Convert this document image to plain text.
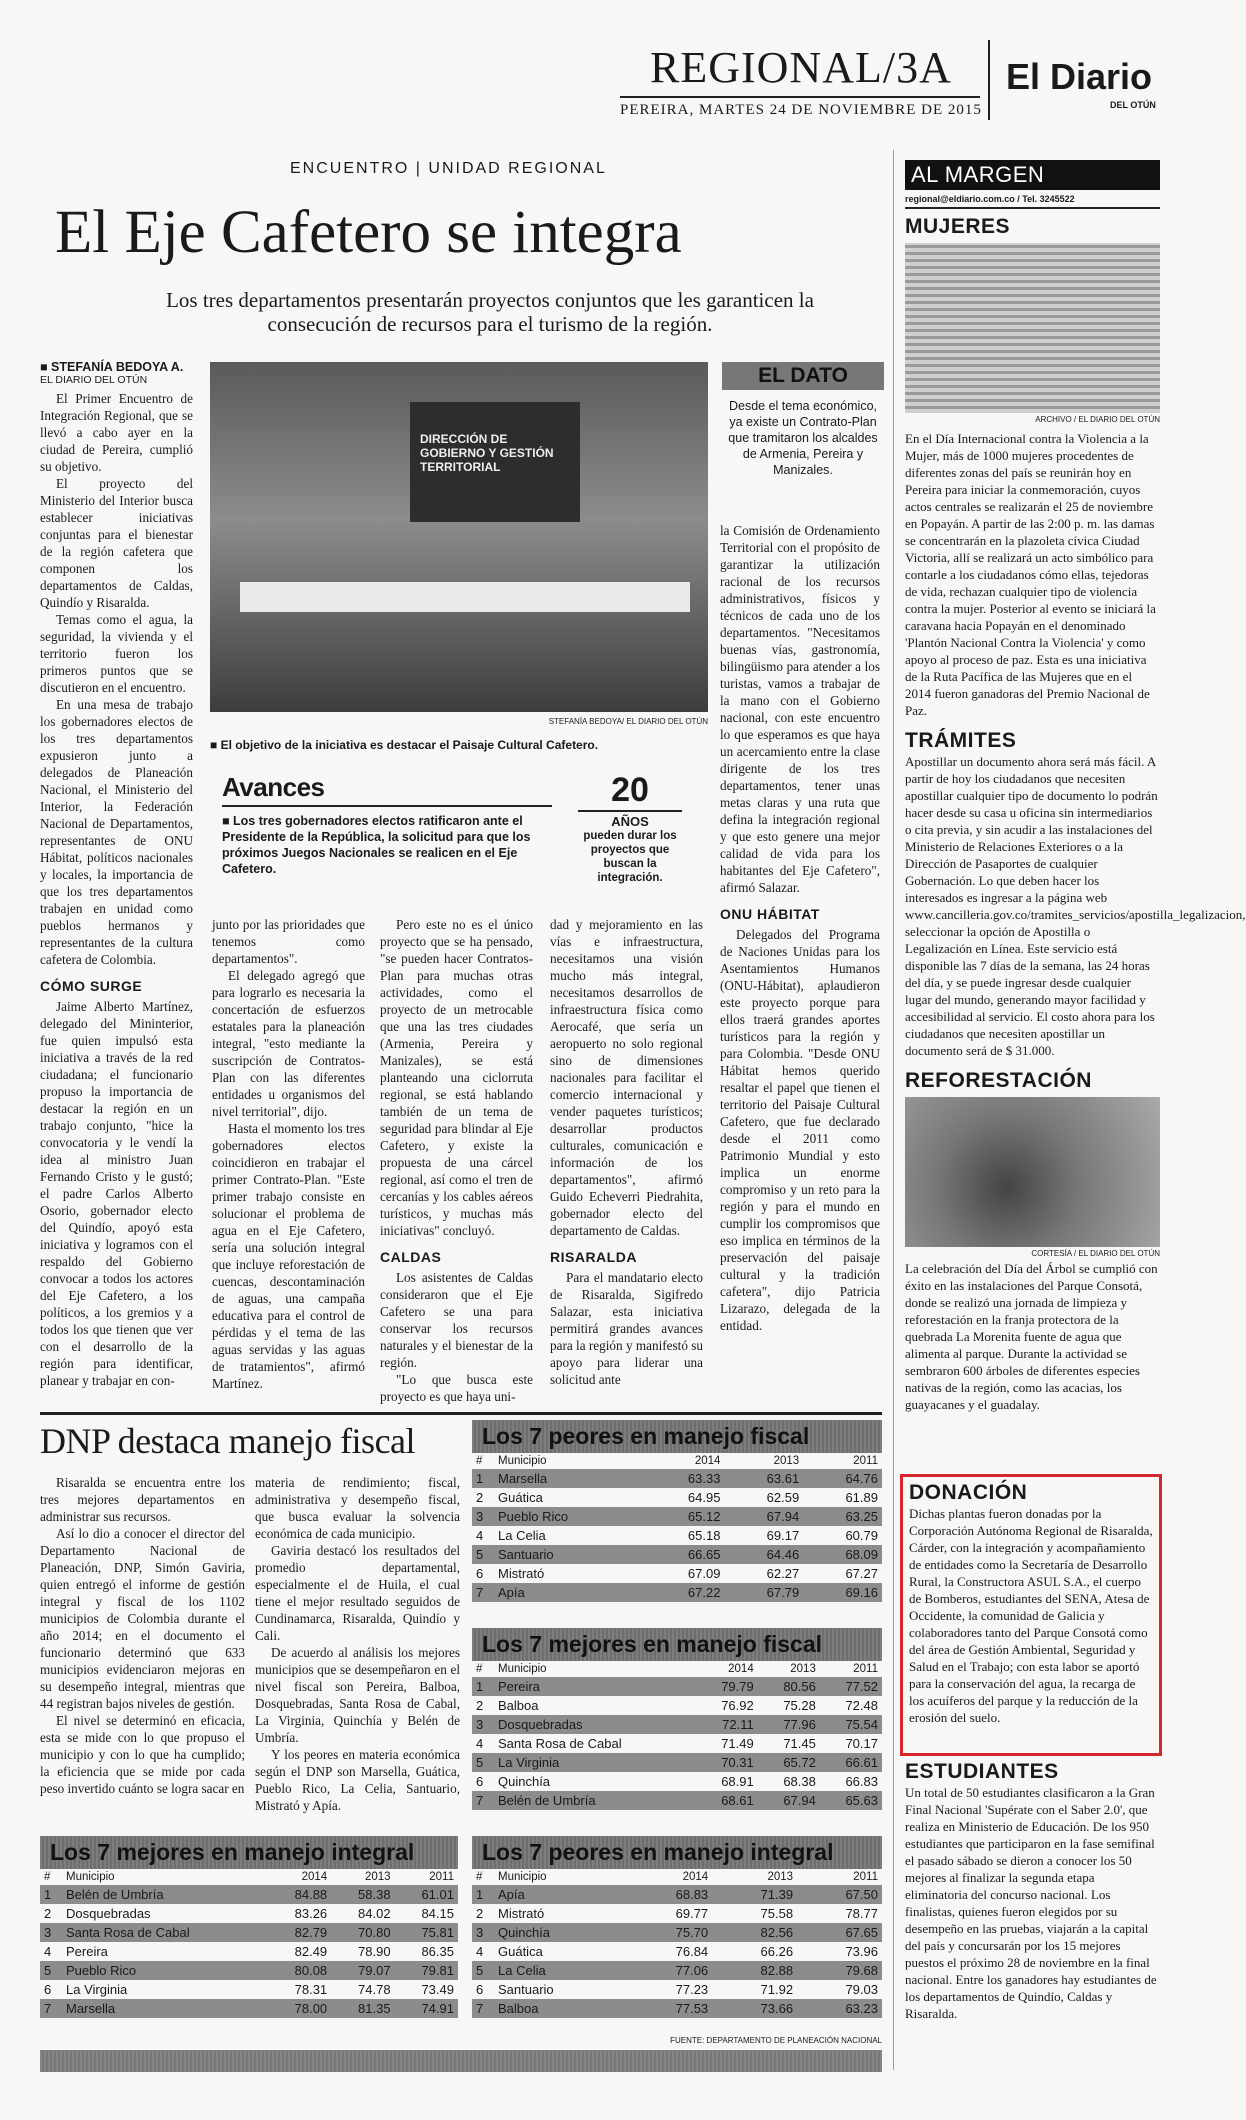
REGIONAL/3A El Diario
DEL OTÚN
PEREIRA, MARTES 24 DE NOVIEMBRE DE 2015
ENCUENTRO | UNIDAD REGIONAL
El Eje Cafetero se integra
Los tres departamentos presentarán proyectos conjuntos que les garanticen la consecución de recursos para el turismo de la región.
■ STEFANÍA BEDOYA A.
EL DIARIO DEL OTÚN

El Primer Encuentro de Integración Regional, que se llevó a cabo ayer en la ciudad de Pereira, cumplió su objetivo.

El proyecto del Ministerio del Interior busca establecer iniciativas conjuntas para el bienestar de la región cafetera que componen los departamentos de Caldas, Quindío y Risaralda.

Temas como el agua, la seguridad, la vivienda y el territorio fueron los primeros puntos que se discutieron en el encuentro.

En una mesa de trabajo los gobernadores electos de los tres departamentos expusieron junto a delegados de Planeación Nacional, el Ministerio del Interior, la Federación Nacional de Departamentos, representantes de ONU Hábitat, políticos nacionales y locales, la importancia de que los tres departamentos trabajen en unidad como pueblos hermanos y representantes de la cultura cafetera de Colombia.

CÓMO SURGE

Jaime Alberto Martínez, delegado del Mininterior, fue quien impulsó esta iniciativa a través de la red ciudadana; el funcionario propuso la importancia de destacar la región en un trabajo conjunto, "hice la convocatoria y le vendí la idea al ministro Juan Fernando Cristo y le gustó; el padre Carlos Alberto Osorio, gobernador electo del Quindío, apoyó esta iniciativa y logramos con el respaldo del Gobierno convocar a todos los actores del Eje Cafetero, a los políticos, a los gremios y a todos los que tienen que ver con el desarrollo de la región para identificar, planear y trabajar en con-

DIRECCIÓN DE GOBIERNO Y GESTIÓN TERRITORIAL
STEFANÍA BEDOYA/ EL DIARIO DEL OTÚN
■ El objetivo de la iniciativa es destacar el Paisaje Cultural Cafetero.
EL DATO
Desde el tema económico, ya existe un Contrato-Plan que tramitaron los alcaldes de Armenia, Pereira y Manizales.
Avances
■ Los tres gobernadores electos ratificaron ante el Presidente de la República, la solicitud para que los próximos Juegos Nacionales se realicen en el Eje Cafetero.
20
AÑOS
pueden durar los proyectos que buscan la integración.

junto por las prioridades que tenemos como departamentos".

El delegado agregó que para lograrlo es necesaria la concertación de esfuerzos estatales para la planeación integral, "esto mediante la suscripción de Contratos-Plan con las diferentes entidades u organismos del nivel territorial", dijo.

Hasta el momento los tres gobernadores electos coincidieron en trabajar el primer Contrato-Plan. "Este primer trabajo consiste en solucionar el problema de agua en el Eje Cafetero, sería una solución integral que incluye reforestación de cuencas, descontaminación de aguas, una campaña educativa para el control de pérdidas y el tema de las aguas servidas y las aguas de tratamientos", afirmó Martínez.

Pero este no es el único proyecto que se ha pensado, "se pueden hacer Contratos-Plan para muchas otras actividades, como el proyecto de un metrocable que una las tres ciudades (Armenia, Pereira y Manizales), se está planteando una ciclorruta regional, se está hablando también de un tema de seguridad para blindar al Eje Cafetero, y existe la propuesta de una cárcel regional, así como el tren de cercanías y los cables aéreos turísticos, y muchas más iniciativas" concluyó.

CALDAS

Los asistentes de Caldas consideraron que el Eje Cafetero se una para conservar los recursos naturales y el bienestar de la región.

"Lo que busca este proyecto es que haya uni-

dad y mejoramiento en las vías e infraestructura, necesitamos una visión mucho más integral, necesitamos desarrollos de infraestructura física como Aerocafé, que sería un aeropuerto no solo regional sino de dimensiones nacionales para facilitar el comercio internacional y vender paquetes turísticos; desarrollar productos culturales, comunicación e información de los departamentos", afirmó Guido Echeverri Piedrahita, gobernador electo del departamento de Caldas.

RISARALDA

Para el mandatario electo de Risaralda, Sigifredo Salazar, esta iniciativa permitirá grandes avances para la región y manifestó su apoyo para liderar una solicitud ante

la Comisión de Ordenamiento Territorial con el propósito de garantizar la utilización racional de los recursos administrativos, físicos y técnicos de cada uno de los departamentos. "Necesitamos buenas vías, gastronomía, bilingüismo para atender a los turistas, vamos a trabajar de la mano con el Gobierno nacional, con este encuentro lo que esperamos es que haya un acercamiento entre la clase dirigente de los tres departamentos, tener unas metas claras y una ruta que defina la integración regional y que esto genere una mejor calidad de vida para los habitantes del Eje Cafetero", afirmó Salazar.

ONU HÁBITAT

Delegados del Programa de Naciones Unidas para los Asentamientos Humanos (ONU-Hábitat), aplaudieron este proyecto porque para ellos traerá grandes aportes turísticos para la región y para Colombia. "Desde ONU Hábitat hemos querido resaltar el papel que tienen el territorio del Paisaje Cultural Cafetero, que fue declarado desde el 2011 como Patrimonio Mundial y esto implica un enorme compromiso y un reto para la región y para el mundo en cumplir los compromisos que eso implica en términos de la preservación del paisaje cultural y la tradición cafetera", dijo Patricia Lizarazo, delegada de la entidad.

DNP destaca manejo fiscal

Risaralda se encuentra entre los tres mejores departamentos en administrar sus recursos.

Así lo dio a conocer el director del Departamento Nacional de Planeación, DNP, Simón Gaviria, quien entregó el informe de gestión integral y fiscal de los 1102 municipios de Colombia durante el año 2014; en el documento el funcionario determinó que 633 municipios evidenciaron mejoras en su desempeño integral, mientras que 44 registran bajos niveles de gestión.

El nivel se determinó en eficacia, esta se mide con lo que propuso el municipio y con lo que ha cumplido; la eficiencia que se mide por cada peso invertido cuánto se logra sacar en

materia de rendimiento; fiscal, administrativa y desempeño fiscal, que busca evaluar la solvencia económica de cada municipio.

Gaviria destacó los resultados del promedio departamental, especialmente el de Huila, el cual tiene el mejor resultado seguidos de Cundinamarca, Risaralda, Quindío y Cali.

De acuerdo al análisis los mejores municipios que se desempeñaron en el nivel fiscal son Pereira, Balboa, Dosquebradas, Santa Rosa de Cabal, La Virginia, Quinchía y Belén de Umbría.

Y los peores en materia económica según el DNP son Marsella, Guática, Pueblo Rico, La Celia, Santuario, Mistrató y Apía.

Los 7 peores en manejo fiscal
#	Municipio	2014	2013	2011
1	Marsella	63.33	63.61	64.76
2	Guática	64.95	62.59	61.89
3	Pueblo Rico	65.12	67.94	63.25
4	La Celia	65.18	69.17	60.79
5	Santuario	66.65	64.46	68.09
6	Mistrató	67.09	62.27	67.27
7	Apía	67.22	67.79	69.16
Los 7 mejores en manejo fiscal
#	Municipio	2014	2013	2011
1	Pereira	79.79	80.56	77.52
2	Balboa	76.92	75.28	72.48
3	Dosquebradas	72.11	77.96	75.54
4	Santa Rosa de Cabal	71.49	71.45	70.17
5	La Virginia	70.31	65.72	66.61
6	Quinchía	68.91	68.38	66.83
7	Belén de Umbría	68.61	67.94	65.63
Los 7 mejores en manejo integral
#	Municipio	2014	2013	2011
1	Belén de Umbría	84.88	58.38	61.01
2	Dosquebradas	83.26	84.02	84.15
3	Santa Rosa de Cabal	82.79	70.80	75.81
4	Pereira	82.49	78.90	86.35
5	Pueblo Rico	80.08	79.07	79.81
6	La Virginia	78.31	74.78	73.49
7	Marsella	78.00	81.35	74.91
Los 7 peores en manejo integral
#	Municipio	2014	2013	2011
1	Apía	68.83	71.39	67.50
2	Mistrató	69.77	75.58	78.77
3	Quinchía	75.70	82.56	67.65
4	Guática	76.84	66.26	73.96
5	La Celia	77.06	82.88	79.68
6	Santuario	77.23	71.92	79.03
7	Balboa	77.53	73.66	63.23
FUENTE: DEPARTAMENTO DE PLANEACIÓN NACIONAL
AL MARGEN
regional@eldiario.com.co / Tel. 3245522
MUJERES
ARCHIVO / EL DIARIO DEL OTÚN
En el Día Internacional contra la Violencia a la Mujer, más de 1000 mujeres procedentes de diferentes zonas del país se reunirán hoy en Pereira para iniciar la conmemoración, cuyos actos centrales se realizarán el 25 de noviembre en Popayán. A partir de las 2:00 p. m. las damas se concentrarán en la plazoleta cívica Ciudad Victoria, allí se realizará un acto simbólico para contarle a los ciudadanos cómo ellas, tejedoras de vida, rechazan cualquier tipo de violencia contra la mujer. Posterior al evento se iniciará la caravana hacia Popayán en el denominado 'Plantón Nacional Contra la Violencia' y como apoyo al proceso de paz. Esta es una iniciativa de la Ruta Pacífica de las Mujeres que en el 2014 fueron ganadoras del Premio Nacional de Paz.
TRÁMITES
Apostillar un documento ahora será más fácil. A partir de hoy los ciudadanos que necesiten apostillar cualquier tipo de documento lo podrán hacer desde su casa u oficina sin intermediarios o cita previa, y sin acudir a las instalaciones del Ministerio de Relaciones Exteriores o a la Dirección de Pasaportes de cualquier Gobernación. Lo que deben hacer los interesados es ingresar a la página web www.cancilleria.gov.co/tramites_servicios/apostilla_legalizacion, seleccionar la opción de Apostilla o Legalización en Línea. Este servicio está disponible las 7 días de la semana, las 24 horas del día, y se puede ingresar desde cualquier lugar del mundo, generando mayor facilidad y accesibilidad al servicio. El costo ahora para los ciudadanos que necesiten apostillar un documento será de $ 31.000.
REFORESTACIÓN
CORTESÍA / EL DIARIO DEL OTÚN
La celebración del Día del Árbol se cumplió con éxito en las instalaciones del Parque Consotá, donde se realizó una jornada de limpieza y reforestación en la franja protectora de la quebrada La Morenita fuente de agua que alimenta al parque. Durante la actividad se sembraron 600 árboles de diferentes especies nativas de la región, como las acacias, los guayacanes y el guadalay.
DONACIÓN
Dichas plantas fueron donadas por la Corporación Autónoma Regional de Risaralda, Cárder, con la integración y acompañamiento de entidades como la Secretaría de Desarrollo Rural, la Constructora ASUL S.A., el cuerpo de Bomberos, estudiantes del SENA, Atesa de Occidente, la comunidad de Galicia y colaboradores tanto del Parque Consotá como del área de Gestión Ambiental, Seguridad y Salud en el Trabajo; con esta labor se aportó para la conservación del agua, la recarga de los acuíferos del parque y la reducción de la erosión del suelo.
ESTUDIANTES
Un total de 50 estudiantes clasificaron a la Gran Final Nacional 'Supérate con el Saber 2.0', que realiza en Ministerio de Educación. De los 950 estudiantes que participaron en la fase semifinal el pasado sábado se dieron a conocer los 50 mejores al finalizar la segunda etapa eliminatoria del concurso nacional. Los finalistas, quienes fueron elegidos por su desempeño en las pruebas, viajarán a la capital del país y concursarán por los 15 mejores puestos el próximo 28 de noviembre en la final nacional. Entre los ganadores hay estudiantes de los departamentos de Quindío, Caldas y Risaralda.
